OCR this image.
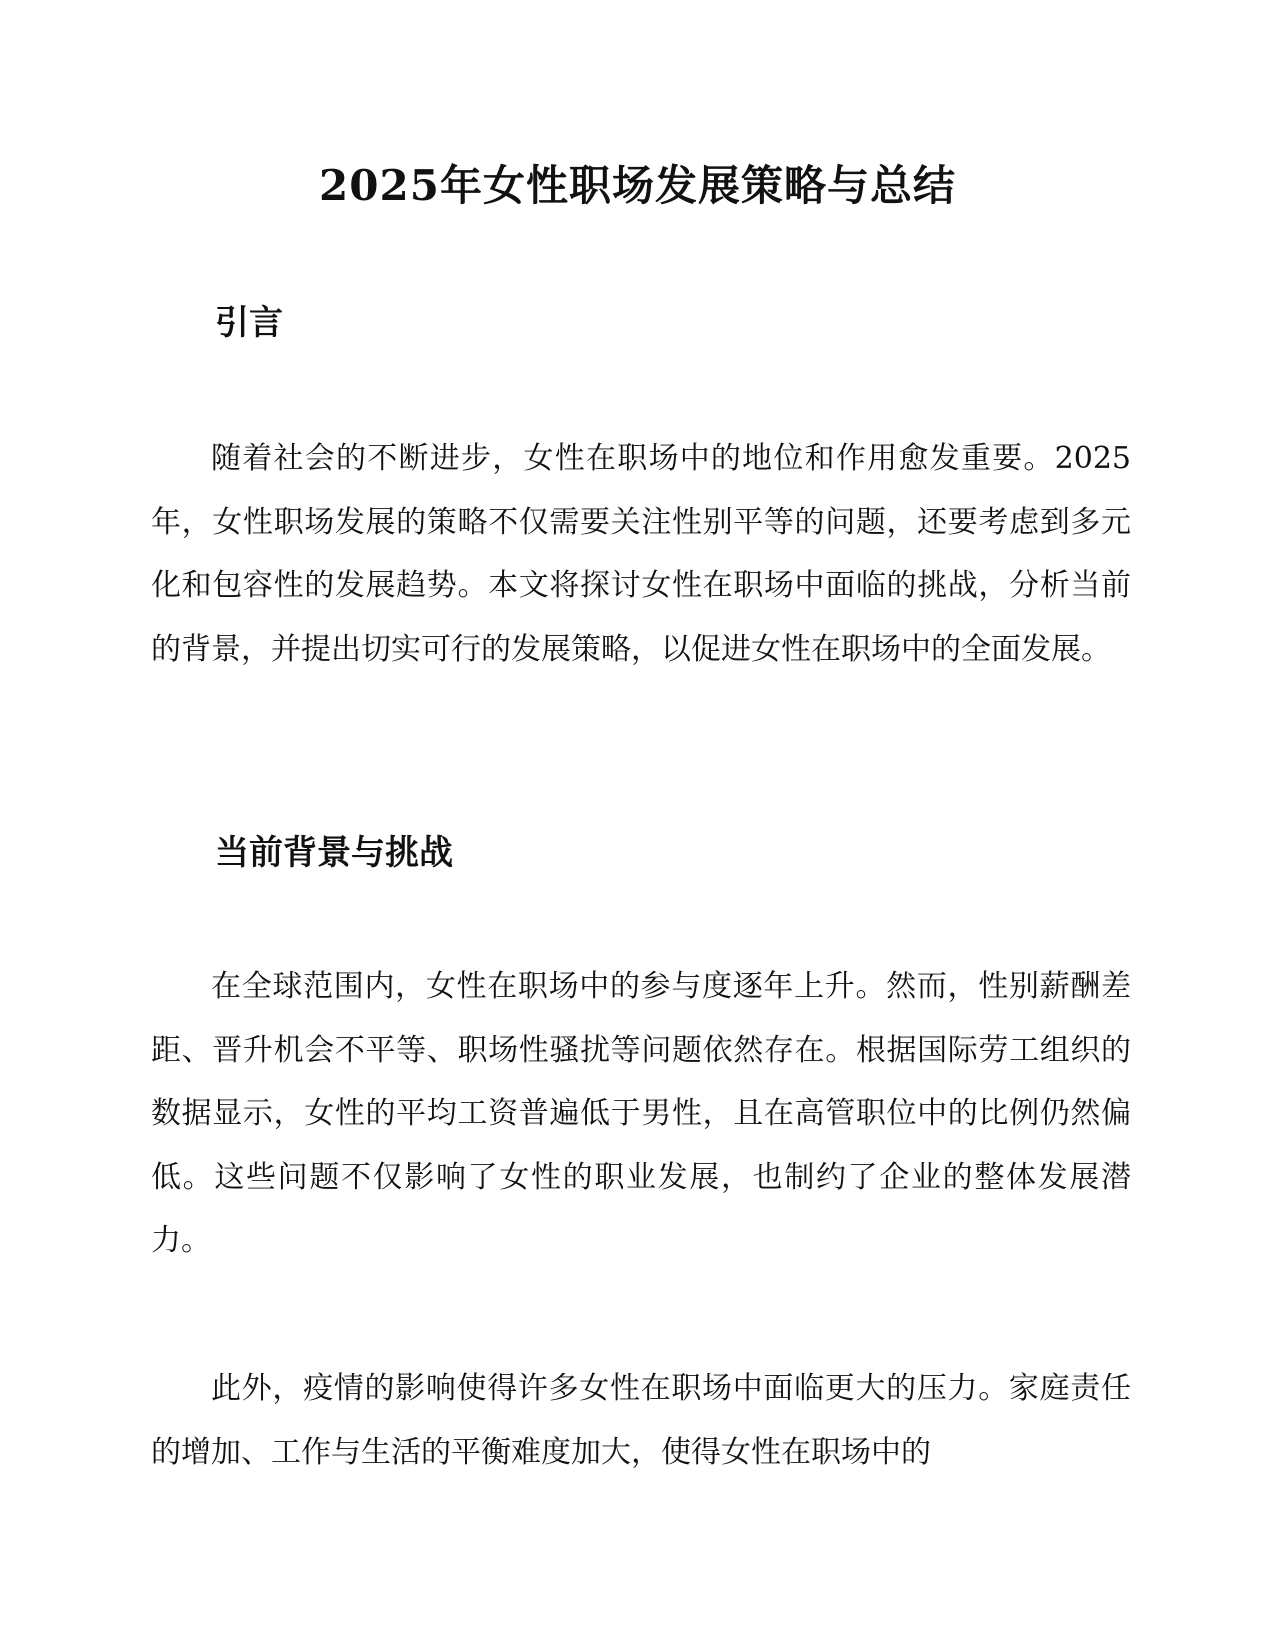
2025年女性职场发展策略与总结
引言

随着社会的不断进步，女性在职场中的地位和作用愈发重要。2025年，女性职场发展的策略不仅需要关注性别平等的问题，还要考虑到多元化和包容性的发展趋势。本文将探讨女性在职场中面临的挑战，分析当前的背景，并提出切实可行的发展策略，以促进女性在职场中的全面发展。

当前背景与挑战

在全球范围内，女性在职场中的参与度逐年上升。然而，性别薪酬差距、晋升机会不平等、职场性骚扰等问题依然存在。根据国际劳工组织的数据显示，女性的平均工资普遍低于男性，且在高管职位中的比例仍然偏低。这些问题不仅影响了女性的职业发展，也制约了企业的整体发展潜力。

此外，疫情的影响使得许多女性在职场中面临更大的压力。家庭责任的增加、工作与生活的平衡难度加大，使得女性在职场中的
